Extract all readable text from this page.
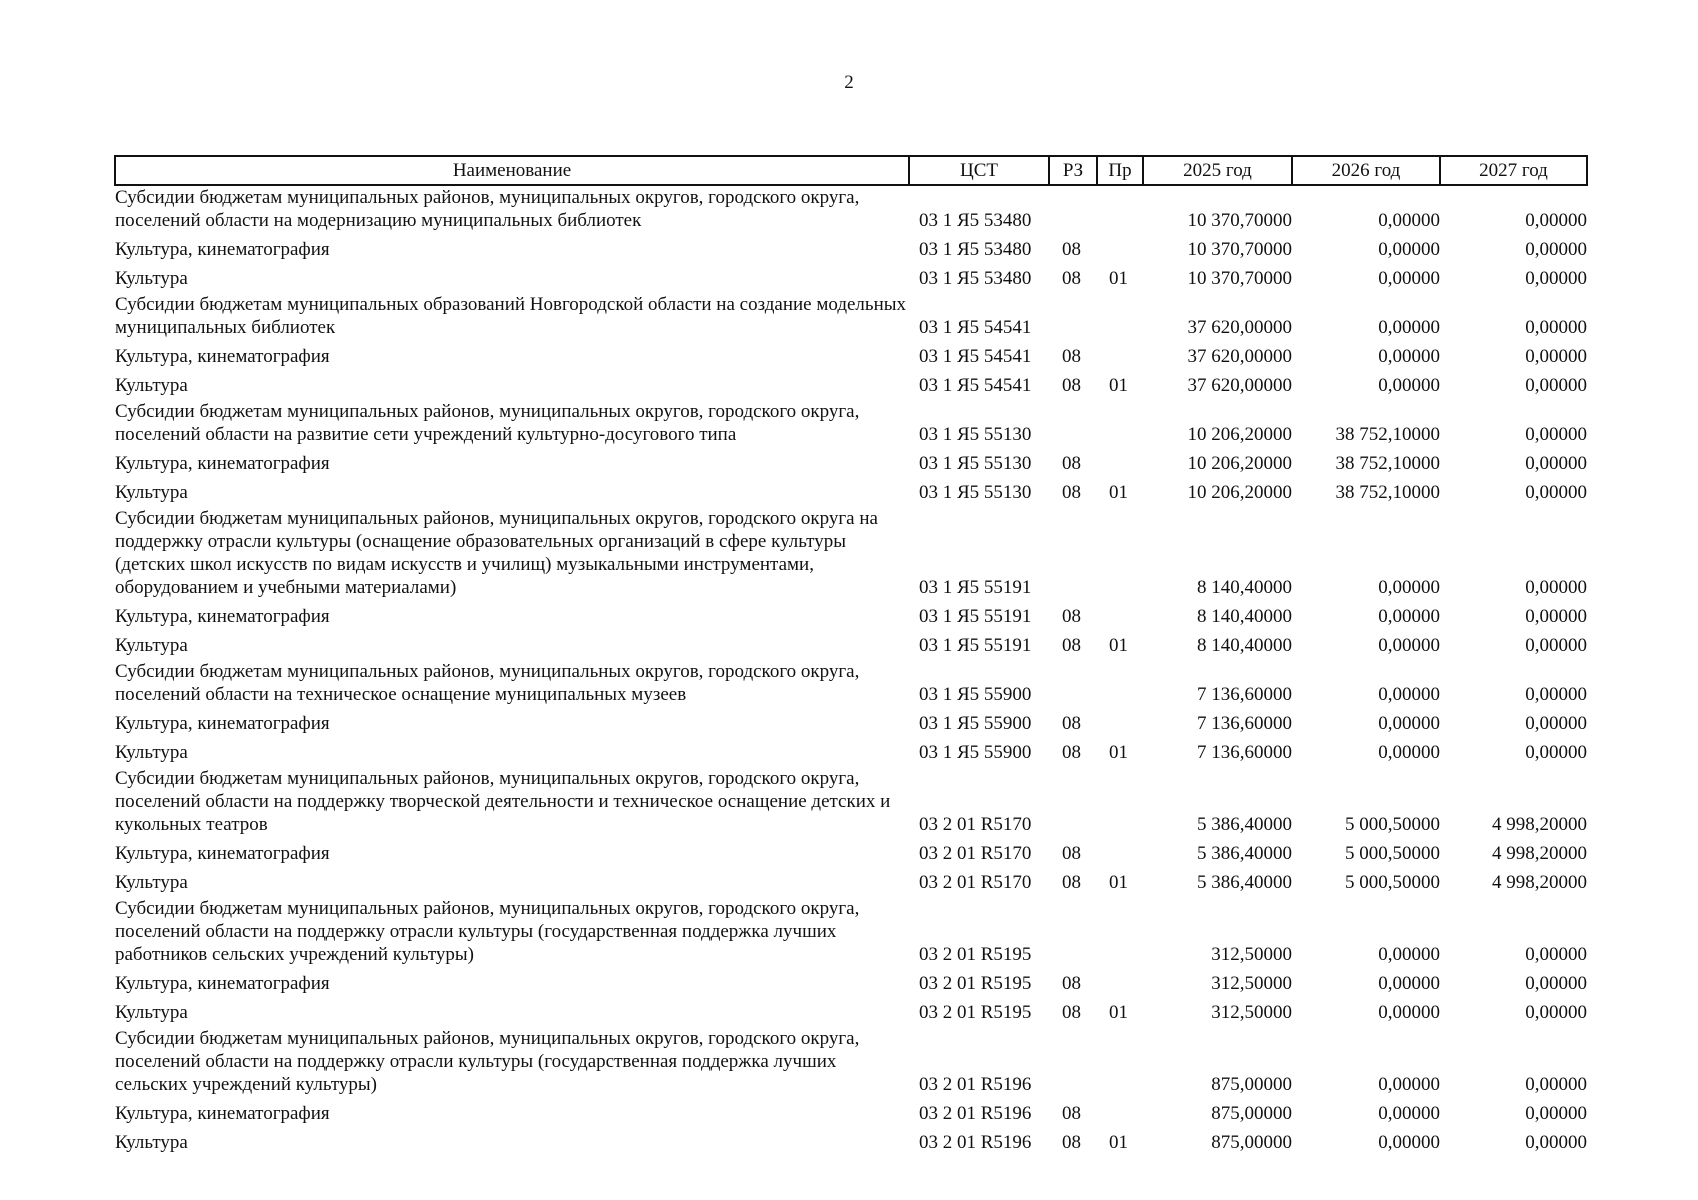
2
Наименование	ЦСТ	РЗ	Пр	2025 год	2026 год	2027 год
Субсидии бюджетам муниципальных районов, муниципальных округов, городского округа, поселений области на модернизацию муниципальных библиотек	03 1 Я5 53480			10 370,70000	0,00000	0,00000
Культура, кинематография	03 1 Я5 53480	08		10 370,70000	0,00000	0,00000
Культура	03 1 Я5 53480	08	01	10 370,70000	0,00000	0,00000
Субсидии бюджетам муниципальных образований Новгородской области на создание модельных муниципальных библиотек	03 1 Я5 54541			37 620,00000	0,00000	0,00000
Культура, кинематография	03 1 Я5 54541	08		37 620,00000	0,00000	0,00000
Культура	03 1 Я5 54541	08	01	37 620,00000	0,00000	0,00000
Субсидии бюджетам муниципальных районов, муниципальных округов, городского округа, поселений области на развитие сети учреждений культурно-досугового типа	03 1 Я5 55130			10 206,20000	38 752,10000	0,00000
Культура, кинематография	03 1 Я5 55130	08		10 206,20000	38 752,10000	0,00000
Культура	03 1 Я5 55130	08	01	10 206,20000	38 752,10000	0,00000
Субсидии бюджетам муниципальных районов, муниципальных округов, городского округа на поддержку отрасли культуры (оснащение образовательных организаций в сфере культуры (детских школ искусств по видам искусств и училищ) музыкальными инструментами, оборудованием и учебными материалами)	03 1 Я5 55191			8 140,40000	0,00000	0,00000
Культура, кинематография	03 1 Я5 55191	08		8 140,40000	0,00000	0,00000
Культура	03 1 Я5 55191	08	01	8 140,40000	0,00000	0,00000
Субсидии бюджетам муниципальных районов, муниципальных округов, городского округа, поселений области на техническое оснащение муниципальных музеев	03 1 Я5 55900			7 136,60000	0,00000	0,00000
Культура, кинематография	03 1 Я5 55900	08		7 136,60000	0,00000	0,00000
Культура	03 1 Я5 55900	08	01	7 136,60000	0,00000	0,00000
Субсидии бюджетам муниципальных районов, муниципальных округов, городского округа, поселений области на поддержку творческой деятельности и техническое оснащение детских и кукольных театров	03 2 01 R5170			5 386,40000	5 000,50000	4 998,20000
Культура, кинематография	03 2 01 R5170	08		5 386,40000	5 000,50000	4 998,20000
Культура	03 2 01 R5170	08	01	5 386,40000	5 000,50000	4 998,20000
Субсидии бюджетам муниципальных районов, муниципальных округов, городского округа, поселений области на поддержку отрасли культуры (государственная поддержка лучших работников сельских учреждений культуры)	03 2 01 R5195			312,50000	0,00000	0,00000
Культура, кинематография	03 2 01 R5195	08		312,50000	0,00000	0,00000
Культура	03 2 01 R5195	08	01	312,50000	0,00000	0,00000
Субсидии бюджетам муниципальных районов, муниципальных округов, городского округа, поселений области на поддержку отрасли культуры (государственная поддержка лучших сельских учреждений культуры)	03 2 01 R5196			875,00000	0,00000	0,00000
Культура, кинематография	03 2 01 R5196	08		875,00000	0,00000	0,00000
Культура	03 2 01 R5196	08	01	875,00000	0,00000	0,00000
